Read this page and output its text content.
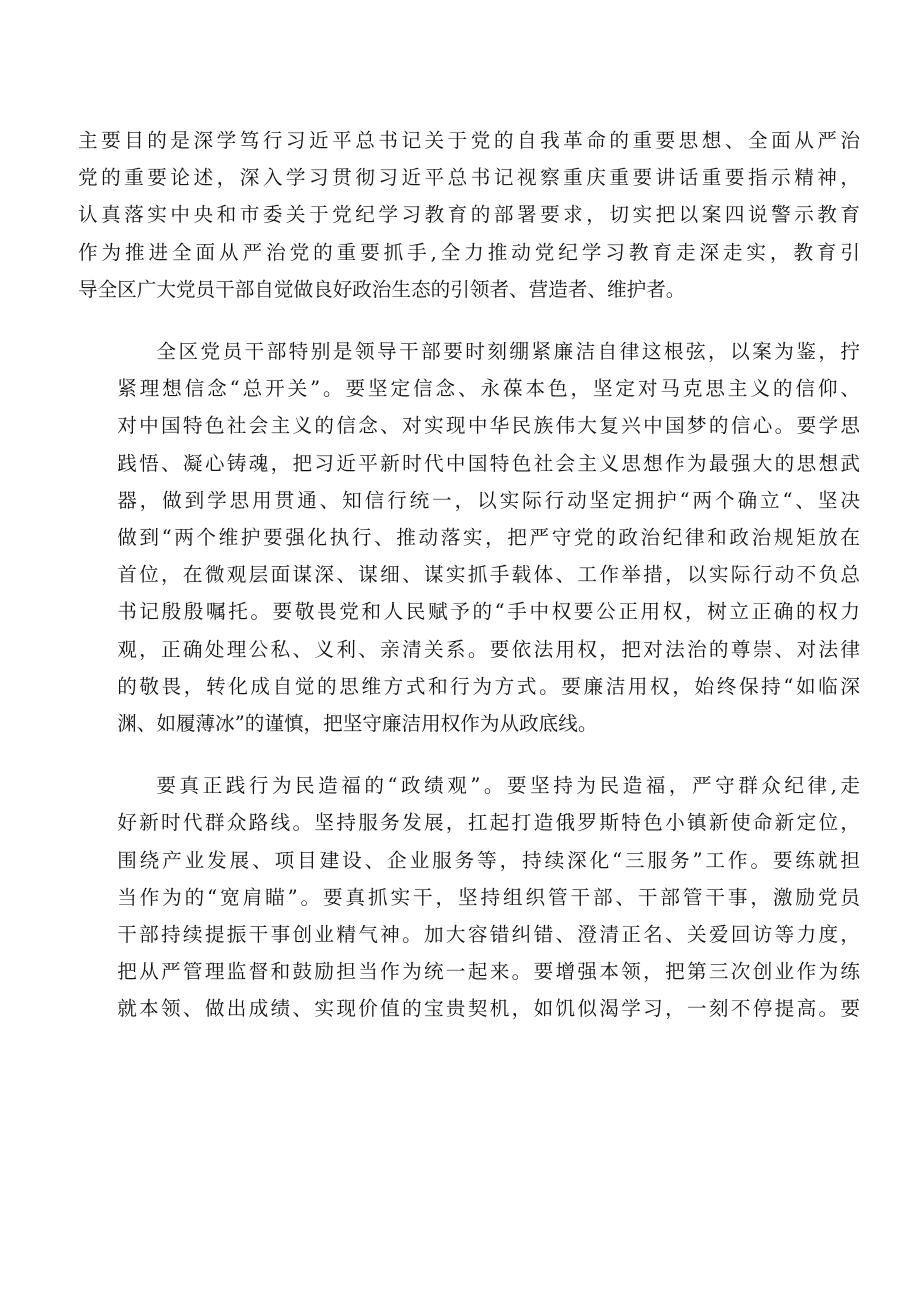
主要目的是深学笃行习近平总书记关于党的自我革命的重要思想、全面从严治
党的重要论述，深入学习贯彻习近平总书记视察重庆重要讲话重要指示精神，
认真落实中央和市委关于党纪学习教育的部署要求，切实把以案四说警示教育
作为推进全面从严治党的重要抓手,全力推动党纪学习教育走深走实，教育引
导全区广大党员干部自觉做良好政治生态的引领者、营造者、维护者。
全区党员干部特别是领导干部要时刻绷紧廉洁自律这根弦，以案为鉴，拧
紧理想信念“总开关”。要坚定信念、永葆本色，坚定对马克思主义的信仰、
对中国特色社会主义的信念、对实现中华民族伟大复兴中国梦的信心。要学思
践悟、凝心铸魂，把习近平新时代中国特色社会主义思想作为最强大的思想武
器，做到学思用贯通、知信行统一，以实际行动坚定拥护“两个确立“、坚决
做到“两个维护要强化执行、推动落实，把严守党的政治纪律和政治规矩放在
首位，在微观层面谋深、谋细、谋实抓手载体、工作举措，以实际行动不负总
书记殷殷嘱托。要敬畏党和人民赋予的“手中权要公正用权，树立正确的权力
观，正确处理公私、义利、亲清关系。要依法用权，把对法治的尊崇、对法律
的敬畏，转化成自觉的思维方式和行为方式。要廉洁用权，始终保持“如临深
渊、如履薄冰”的谨慎，把坚守廉洁用权作为从政底线。
要真正践行为民造福的“政绩观”。要坚持为民造福，严守群众纪律,走
好新时代群众路线。坚持服务发展，扛起打造俄罗斯特色小镇新使命新定位，
围绕产业发展、项目建设、企业服务等，持续深化“三服务”工作。要练就担
当作为的“宽肩瞄”。要真抓实干，坚持组织管干部、干部管干事，激励党员
干部持续提振干事创业精气神。加大容错纠错、澄清正名、关爱回访等力度，
把从严管理监督和鼓励担当作为统一起来。要增强本领，把第三次创业作为练
就本领、做出成绩、实现价值的宝贵契机，如饥似渴学习，一刻不停提高。要
